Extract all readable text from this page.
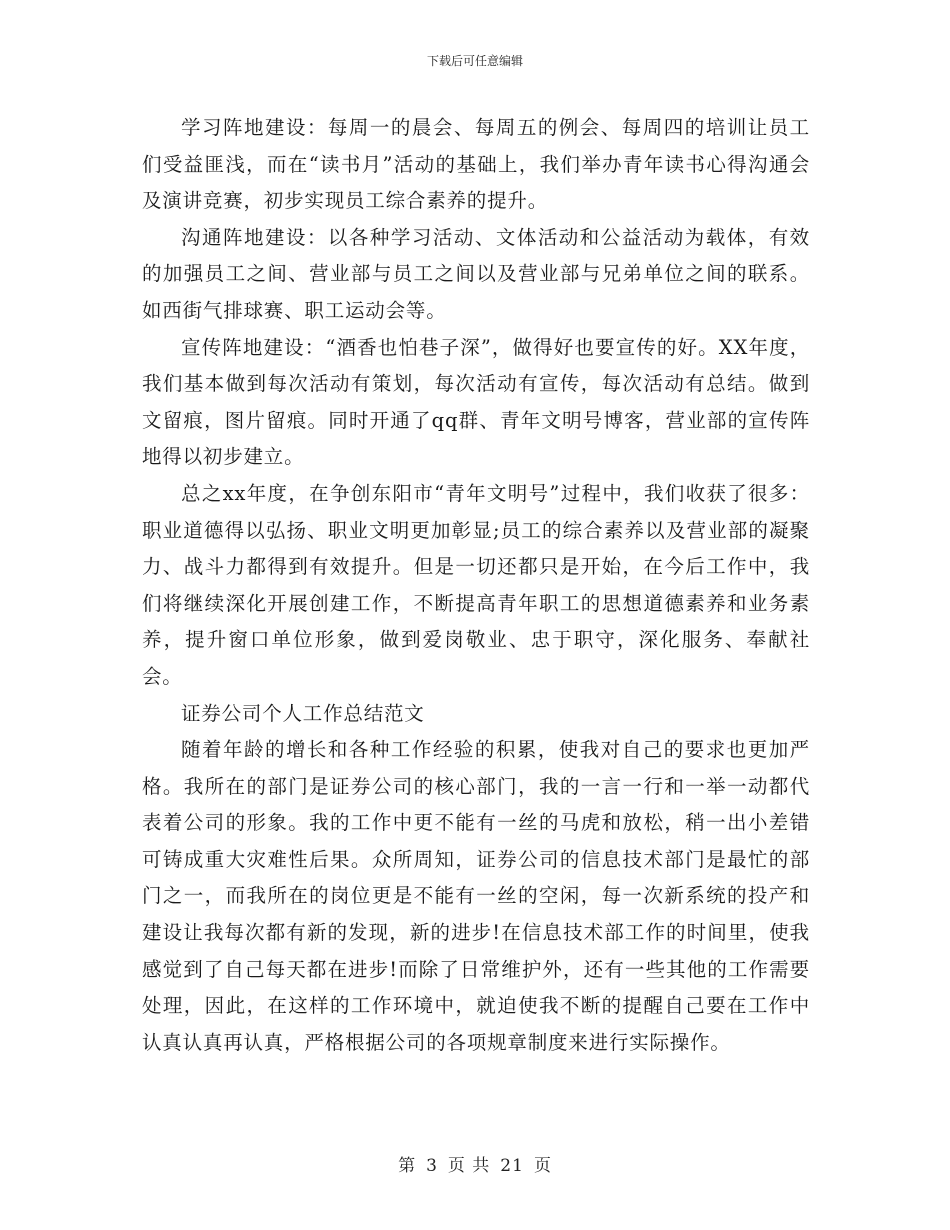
下载后可任意编辑

学习阵地建设：每周一的晨会、每周五的例会、每周四的培训让员工们受益匪浅，而在“读书月”活动的基础上，我们举办青年读书心得沟通会及演讲竞赛，初步实现员工综合素养的提升。

沟通阵地建设：以各种学习活动、文体活动和公益活动为载体，有效的加强员工之间、营业部与员工之间以及营业部与兄弟单位之间的联系。如西街气排球赛、职工运动会等。

宣传阵地建设：“酒香也怕巷子深”，做得好也要宣传的好。XX年度，我们基本做到每次活动有策划，每次活动有宣传，每次活动有总结。做到文留痕，图片留痕。同时开通了qq群、青年文明号博客，营业部的宣传阵地得以初步建立。

总之xx年度，在争创东阳市“青年文明号”过程中，我们收获了很多：职业道德得以弘扬、职业文明更加彰显;员工的综合素养以及营业部的凝聚力、战斗力都得到有效提升。但是一切还都只是开始，在今后工作中，我们将继续深化开展创建工作，不断提高青年职工的思想道德素养和业务素养，提升窗口单位形象，做到爱岗敬业、忠于职守，深化服务、奉献社会。

证券公司个人工作总结范文

随着年龄的增长和各种工作经验的积累，使我对自己的要求也更加严格。我所在的部门是证券公司的核心部门，我的一言一行和一举一动都代表着公司的形象。我的工作中更不能有一丝的马虎和放松，稍一出小差错可铸成重大灾难性后果。众所周知，证券公司的信息技术部门是最忙的部门之一，而我所在的岗位更是不能有一丝的空闲，每一次新系统的投产和建设让我每次都有新的发现，新的进步!在信息技术部工作的时间里，使我感觉到了自己每天都在进步!而除了日常维护外，还有一些其他的工作需要处理，因此，在这样的工作环境中，就迫使我不断的提醒自己要在工作中认真认真再认真，严格根据公司的各项规章制度来进行实际操作。

第 3 页 共 21 页
